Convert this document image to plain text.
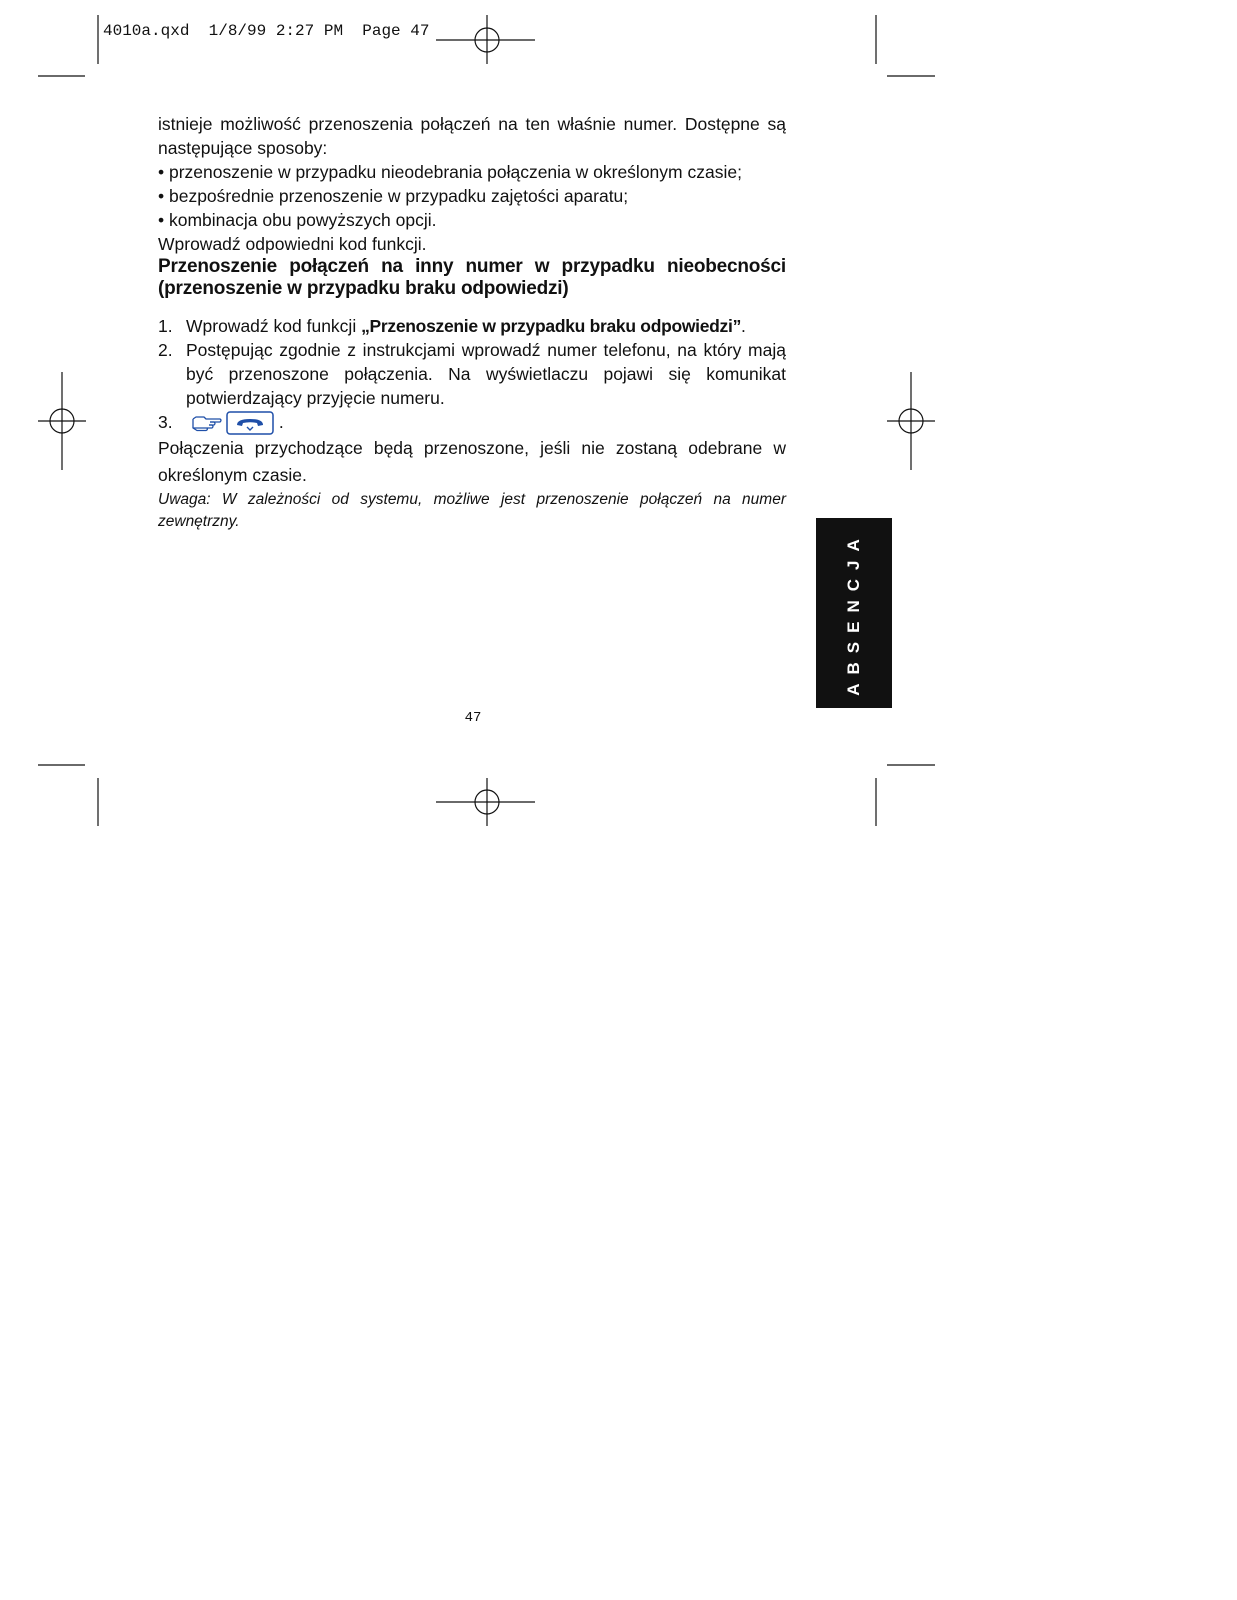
4010a.qxd  1/8/99 2:27 PM  Page 47

istnieje możliwość przenoszenia połączeń na ten właśnie numer. Dostępne są następujące sposoby:

• przenoszenie w przypadku nieodebrania połączenia w określonym czasie;

• bezpośrednie przenoszenie w przypadku zajętości aparatu;

• kombinacja obu powyższych opcji.

Wprowadź odpowiedni kod funkcji.

Przenoszenie połączeń na inny numer w przypadku nieobecności (przenoszenie w przypadku braku odpowiedzi)

1. Wprowadź kod funkcji „Przenoszenie w przypadku braku odpowiedzi”.
2. Postępując zgodnie z instrukcjami wprowadź numer telefonu, na który mają być przenoszone połączenia. Na wyświetlaczu pojawi się komunikat potwierdzający przyjęcie numeru.
3.	.

Połączenia przychodzące będą przenoszone, jeśli nie zostaną odebrane w określonym czasie.

Uwaga: W zależności od systemu, możliwe jest przenoszenie połączeń na numer zewnętrzny.

ABSENCJA
47
